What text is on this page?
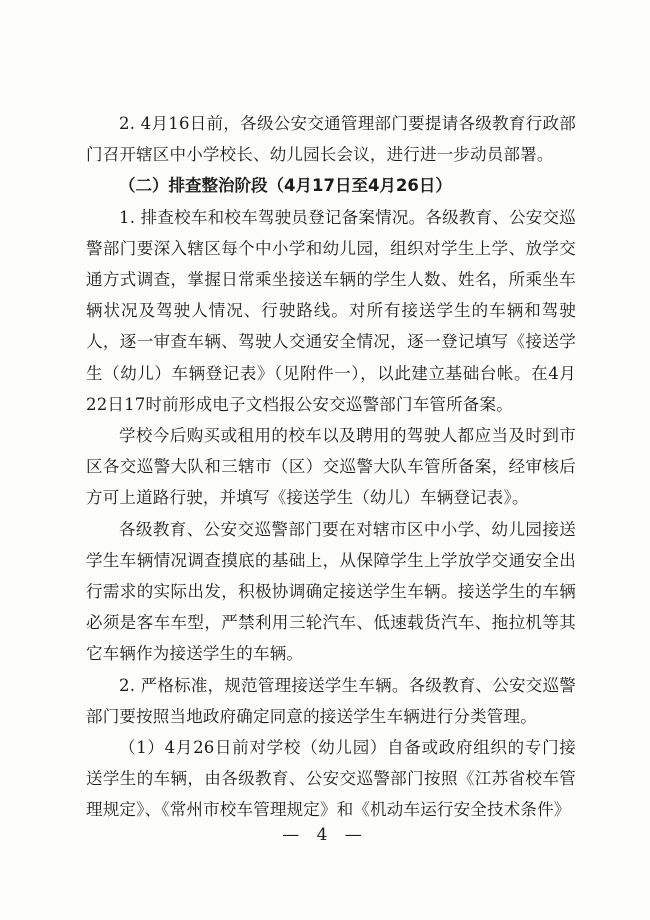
2. 4月16日前，各级公安交通管理部门要提请各级教育行政部门召开辖区中小学校长、幼儿园长会议，进行进一步动员部署。

（二）排查整治阶段（4月17日至4月26日）

1. 排查校车和校车驾驶员登记备案情况。各级教育、公安交巡警部门要深入辖区每个中小学和幼儿园，组织对学生上学、放学交通方式调查，掌握日常乘坐接送车辆的学生人数、姓名，所乘坐车辆状况及驾驶人情况、行驶路线。对所有接送学生的车辆和驾驶人，逐一审查车辆、驾驶人交通安全情况，逐一登记填写《接送学生（幼儿）车辆登记表》（见附件一），以此建立基础台帐。在4月22日17时前形成电子文档报公安交巡警部门车管所备案。

学校今后购买或租用的校车以及聘用的驾驶人都应当及时到市区各交巡警大队和三辖市（区）交巡警大队车管所备案，经审核后方可上道路行驶，并填写《接送学生（幼儿）车辆登记表》。

各级教育、公安交巡警部门要在对辖市区中小学、幼儿园接送学生车辆情况调查摸底的基础上，从保障学生上学放学交通安全出行需求的实际出发，积极协调确定接送学生车辆。接送学生的车辆必须是客车车型，严禁利用三轮汽车、低速载货汽车、拖拉机等其它车辆作为接送学生的车辆。

2. 严格标准，规范管理接送学生车辆。各级教育、公安交巡警部门要按照当地政府确定同意的接送学生车辆进行分类管理。

（1）4月26日前对学校（幼儿园）自备或政府组织的专门接送学生的车辆，由各级教育、公安交巡警部门按照《江苏省校车管理规定》、《常州市校车管理规定》和《机动车运行安全技术条件》

— 4 —
